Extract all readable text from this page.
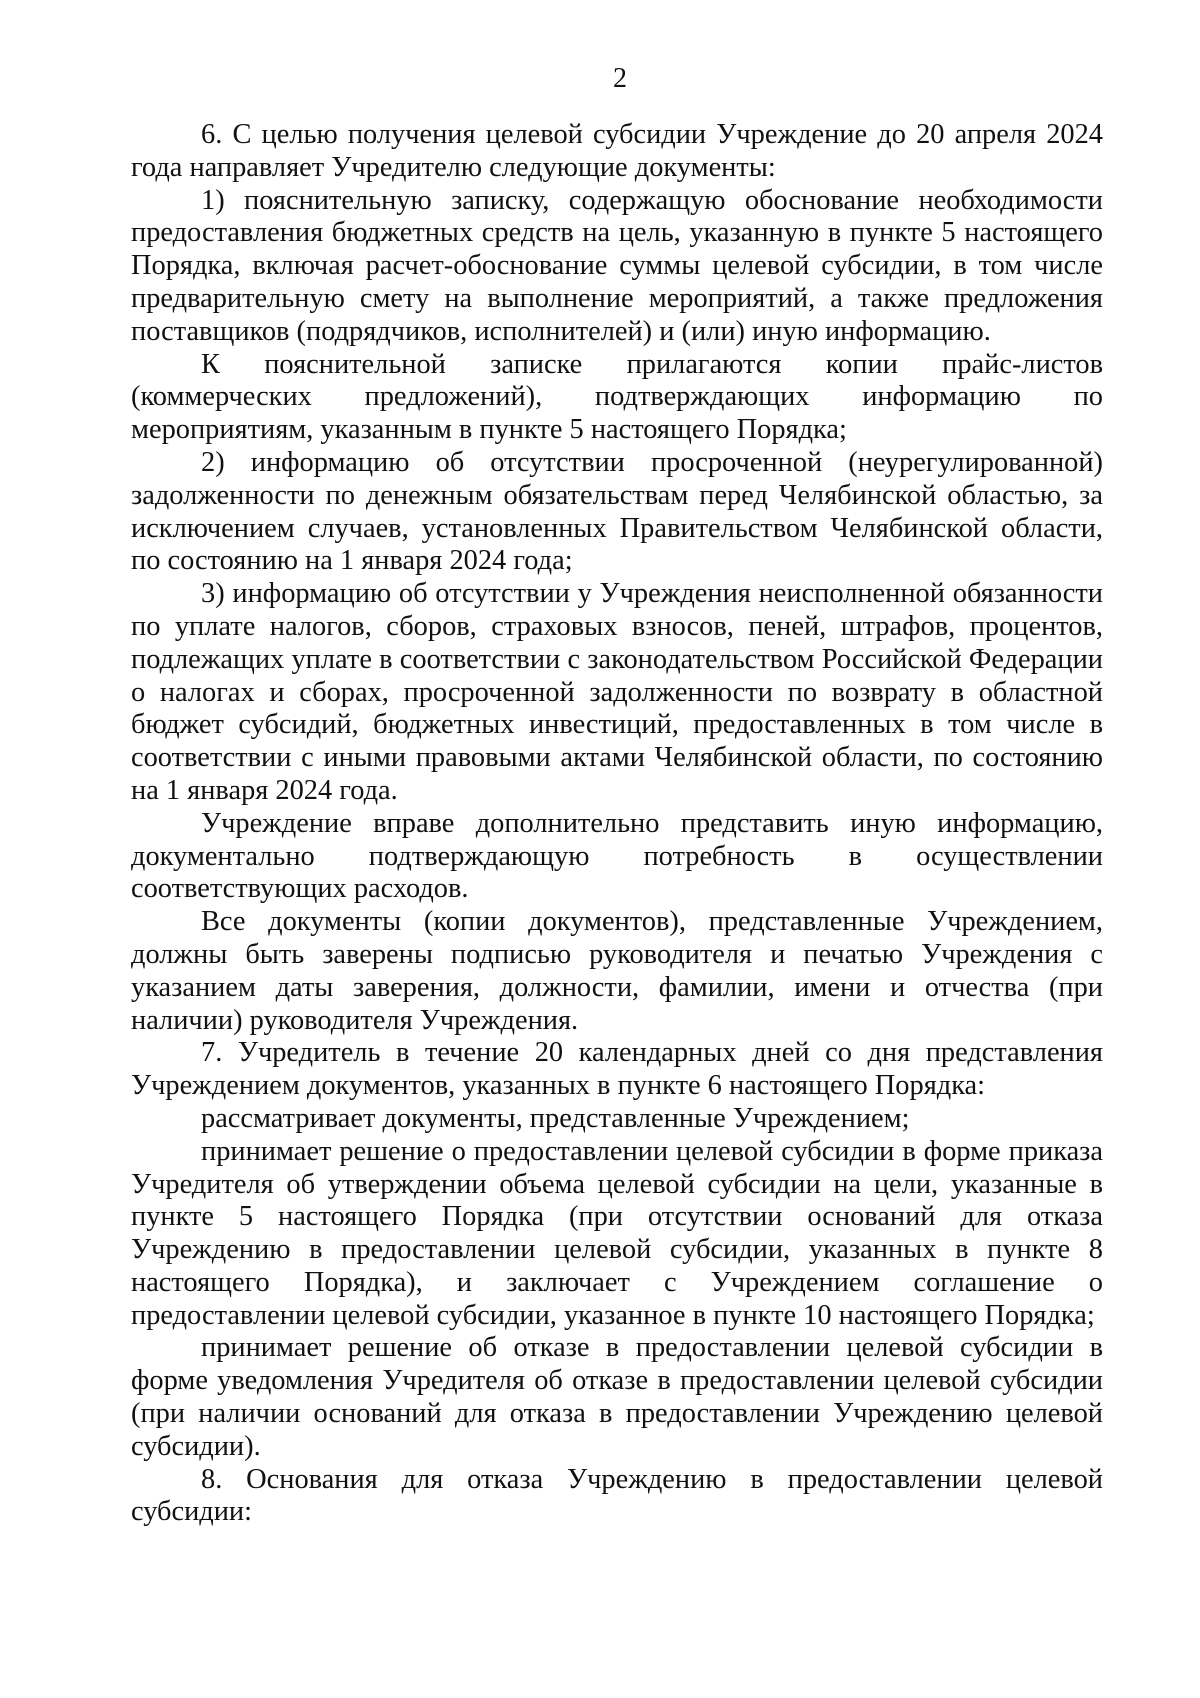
2

6. С целью получения целевой субсидии Учреждение до 20 апреля 2024 года направляет Учредителю следующие документы:

1) пояснительную записку, содержащую обоснование необходимости предоставления бюджетных средств на цель, указанную в пункте 5 настоящего Порядка, включая расчет-обоснование суммы целевой субсидии, в том числе предварительную смету на выполнение мероприятий, а также предложения поставщиков (подрядчиков, исполнителей) и (или) иную информацию.

К пояснительной записке прилагаются копии прайс-листов (коммерческих предложений), подтверждающих информацию по мероприятиям, указанным в пункте 5 настоящего Порядка;

2) информацию об отсутствии просроченной (неурегулированной) задолженности по денежным обязательствам перед Челябинской областью, за исключением случаев, установленных Правительством Челябинской области, по состоянию на 1 января 2024 года;

3) информацию об отсутствии у Учреждения неисполненной обязанности по уплате налогов, сборов, страховых взносов, пеней, штрафов, процентов, подлежащих уплате в соответствии с законодательством Российской Федерации о налогах и сборах, просроченной задолженности по возврату в областной бюджет субсидий, бюджетных инвестиций, предоставленных в том числе в соответствии с иными правовыми актами Челябинской области, по состоянию на 1 января 2024 года.

Учреждение вправе дополнительно представить иную информацию, документально подтверждающую потребность в осуществлении соответствующих расходов.

Все документы (копии документов), представленные Учреждением, должны быть заверены подписью руководителя и печатью Учреждения с указанием даты заверения, должности, фамилии, имени и отчества (при наличии) руководителя Учреждения.

7. Учредитель в течение 20 календарных дней со дня представления Учреждением документов, указанных в пункте 6 настоящего Порядка:

рассматривает документы, представленные Учреждением;

принимает решение о предоставлении целевой субсидии в форме приказа Учредителя об утверждении объема целевой субсидии на цели, указанные в пункте 5 настоящего Порядка (при отсутствии оснований для отказа Учреждению в предоставлении целевой субсидии, указанных в пункте 8 настоящего Порядка), и заключает с Учреждением соглашение о предоставлении целевой субсидии, указанное в пункте 10 настоящего Порядка;

принимает решение об отказе в предоставлении целевой субсидии в форме уведомления Учредителя об отказе в предоставлении целевой субсидии (при наличии оснований для отказа в предоставлении Учреждению целевой субсидии).

8. Основания для отказа Учреждению в предоставлении целевой субсидии:
